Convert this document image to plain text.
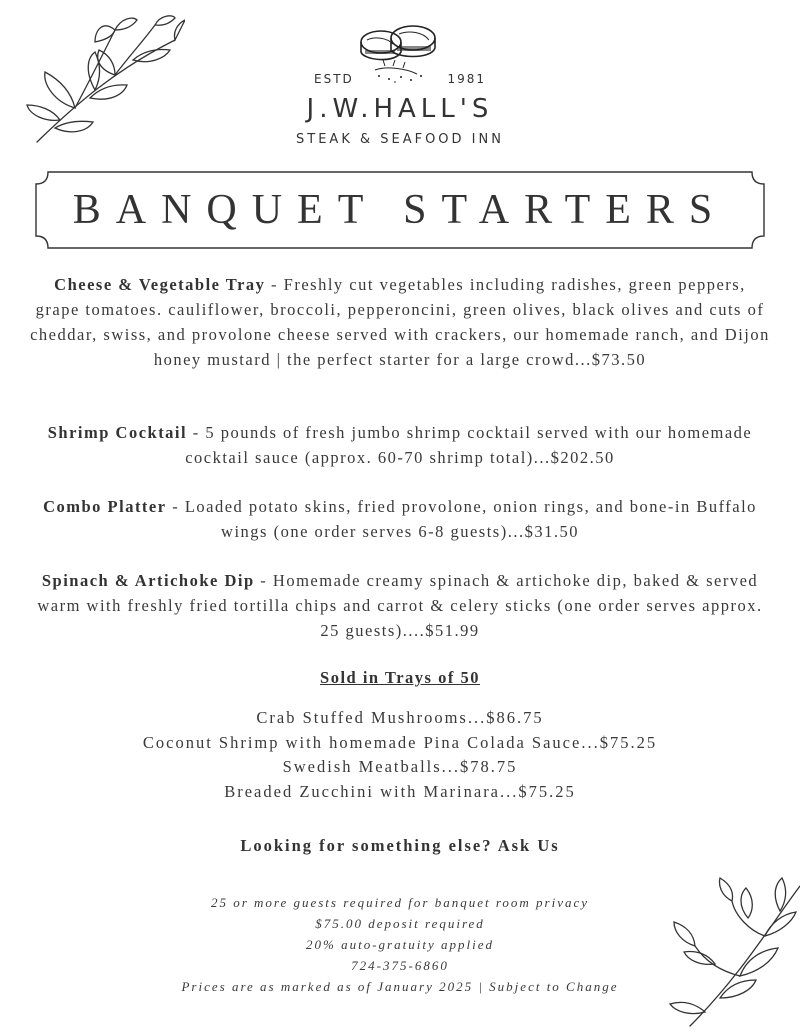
ESTD	1981
J.W.HALL'S
STEAK & SEAFOOD INN
BANQUET STARTERS
Cheese & Vegetable Tray - Freshly cut vegetables including radishes, green peppers, grape tomatoes. cauliflower, broccoli, pepperoncini, green olives, black olives and cuts of cheddar, swiss, and provolone cheese served with crackers, our homemade ranch, and Dijon honey mustard | the perfect starter for a large crowd...$73.50
Shrimp Cocktail - 5 pounds of fresh jumbo shrimp cocktail served with our homemade cocktail sauce (approx. 60-70 shrimp total)...$202.50
Combo Platter - Loaded potato skins, fried provolone, onion rings, and bone-in Buffalo wings (one order serves 6-8 guests)...$31.50
Spinach & Artichoke Dip - Homemade creamy spinach & artichoke dip, baked & served warm with freshly fried tortilla chips and carrot & celery sticks (one order serves approx. 25 guests)....$51.99
Sold in Trays of 50
Crab Stuffed Mushrooms...$86.75
Coconut Shrimp with homemade Pina Colada Sauce...$75.25
Swedish Meatballs...$78.75
Breaded Zucchini with Marinara...$75.25
Looking for something else? Ask Us
25 or more guests required for banquet room privacy
$75.00 deposit required
20% auto-gratuity applied
724-375-6860
Prices are as marked as of January 2025 | Subject to Change
